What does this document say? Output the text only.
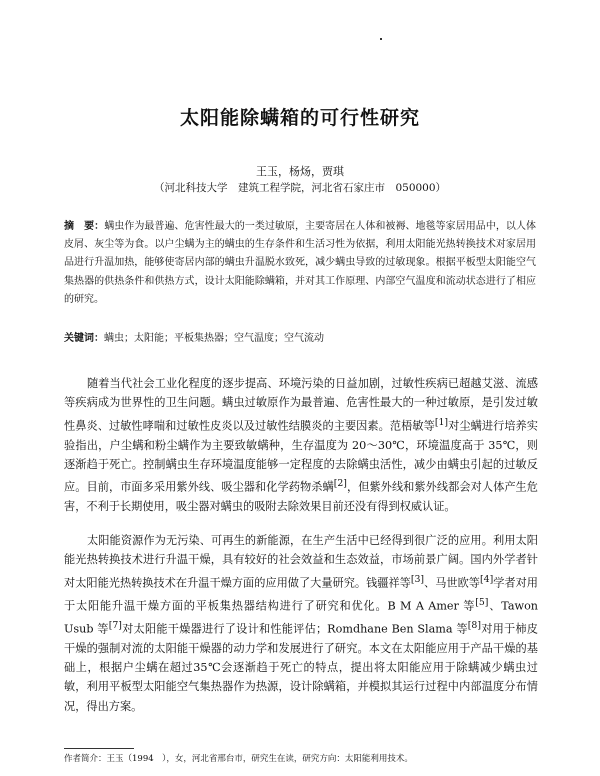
太阳能除螨箱的可行性研究
王玉，杨炀，贾琪
（河北科技大学　建筑工程学院，河北省石家庄市　050000）

摘　要：螨虫作为最普遍、危害性最大的一类过敏原，主要寄居在人体和被褥、地毯等家居用品中，以人体皮屑、灰尘等为食。以户尘螨为主的螨虫的生存条件和生活习性为依据，利用太阳能光热转换技术对家居用品进行升温加热，能够使寄居内部的螨虫升温脱水致死，减少螨虫导致的过敏现象。根据平板型太阳能空气集热器的供热条件和供热方式，设计太阳能除螨箱，并对其工作原理、内部空气温度和流动状态进行了相应的研究。

关键词：螨虫；太阳能；平板集热器；空气温度；空气流动

随着当代社会工业化程度的逐步提高、环境污染的日益加剧，过敏性疾病已超越艾滋、流感等疾病成为世界性的卫生问题。螨虫过敏原作为最普遍、危害性最大的一种过敏原，是引发过敏性鼻炎、过敏性哮喘和过敏性皮炎以及过敏性结膜炎的主要因素。范梧敏等[1]对尘螨进行培养实验指出，户尘螨和粉尘螨作为主要致敏螨种，生存温度为 20～30℃，环境温度高于 35℃，则逐渐趋于死亡。控制螨虫生存环境温度能够一定程度的去除螨虫活性，减少由螨虫引起的过敏反应。目前，市面多采用紫外线、吸尘器和化学药物杀螨[2]，但紫外线和紫外线都会对人体产生危害，不利于长期使用，吸尘器对螨虫的吸附去除效果目前还没有得到权威认证。

太阳能资源作为无污染、可再生的新能源，在生产生活中已经得到很广泛的应用。利用太阳能光热转换技术进行升温干燥，具有较好的社会效益和生态效益，市场前景广阔。国内外学者针对太阳能光热转换技术在升温干燥方面的应用做了大量研究。钱疆祥等[3]、马世欧等[4]学者对用于太阳能升温干燥方面的平板集热器结构进行了研究和优化。B M A Amer 等[5]、Tawon Usub 等[7]对太阳能干燥器进行了设计和性能评估；Romdhane Ben Slama 等[8]对用于柿皮干燥的强制对流的太阳能干燥器的动力学和发展进行了研究。本文在太阳能应用于产品干燥的基础上，根据户尘螨在超过35℃会逐渐趋于死亡的特点，提出将太阳能应用于除螨减少螨虫过敏，利用平板型太阳能空气集热器作为热源，设计除螨箱，并模拟其运行过程中内部温度分布情况，得出方案。

作者简介：王玉（1994　），女，河北省邢台市，研究生在读，研究方向：太阳能利用技术。
